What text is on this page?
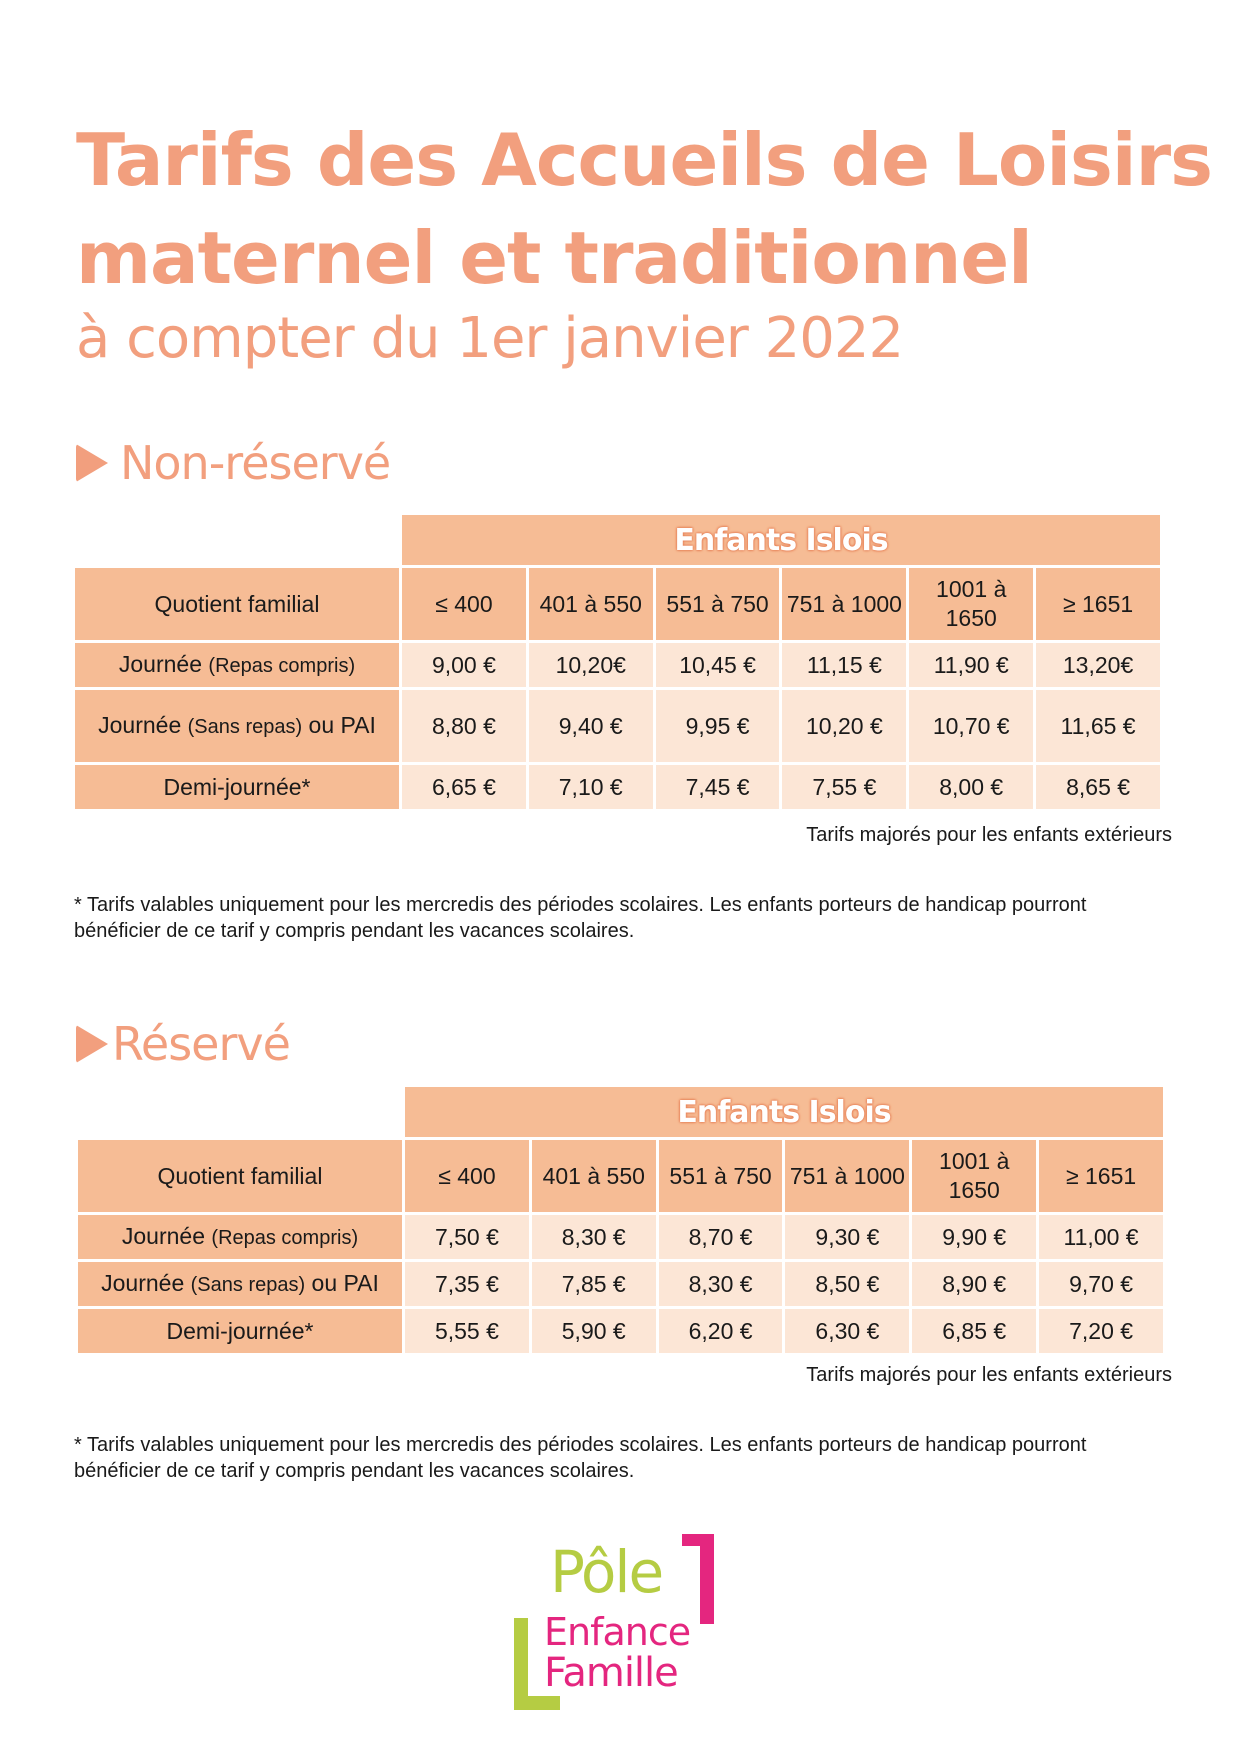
Tarifs des Accueils de Loisirs
maternel et traditionnel
à compter du 1er janvier 2022
Non-réservé
	Enfants Islois					
Quotient familial	≤ 400	401 à 550	551 à 750	751 à 1000	1001 à 1650	≥ 1651
Journée (Repas compris)	9,00 €	10,20€	10,45 €	11,15 €	11,90 €	13,20€
Journée (Sans repas) ou PAI	8,80 €	9,40 €	9,95 €	10,20 €	10,70 €	11,65 €
Demi-journée*	6,65 €	7,10 €	7,45 €	7,55 €	8,00 €	8,65 €
Tarifs majorés pour les enfants extérieurs

* Tarifs valables uniquement pour les mercredis des périodes scolaires. Les enfants porteurs de handicap pourront bénéficier de ce tarif y compris pendant les vacances scolaires.

Réservé
	Enfants Islois					
Quotient familial	≤ 400	401 à 550	551 à 750	751 à 1000	1001 à 1650	≥ 1651
Journée (Repas compris)	7,50 €	8,30 €	8,70 €	9,30 €	9,90 €	11,00 €
Journée (Sans repas) ou PAI	7,35 €	7,85 €	8,30 €	8,50 €	8,90 €	9,70 €
Demi-journée*	5,55 €	5,90 €	6,20 €	6,30 €	6,85 €	7,20 €
Tarifs majorés pour les enfants extérieurs

* Tarifs valables uniquement pour les mercredis des périodes scolaires. Les enfants porteurs de handicap pourront bénéficier de ce tarif y compris pendant les vacances scolaires.

Pôle
Enfance
Famille
